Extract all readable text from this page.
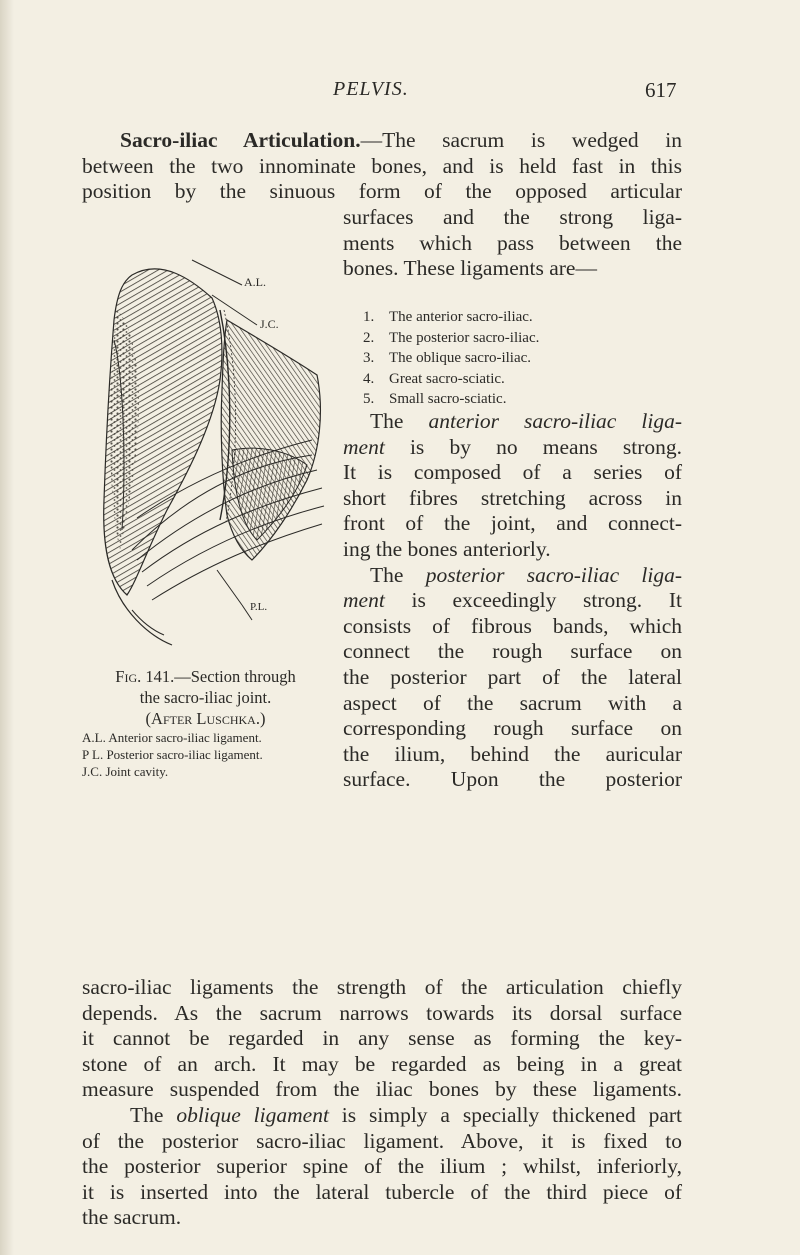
PELVIS.	617
Sacro-iliac Articulation.—The sacrum is wedged in
between the two innominate bones, and is held fast in this
position by the sinuous form of the opposed articular
surfaces and the strong liga-
ments which pass between the
bones. These ligaments are—
1. The anterior sacro-iliac.
2. The posterior sacro-iliac.
3. The oblique sacro-iliac.
4. Great sacro-sciatic.
5. Small sacro-sciatic.
The anterior sacro-iliac liga-
ment is by no means strong.
It is composed of a series of
short fibres stretching across in
front of the joint, and connect-
ing the bones anteriorly.
The posterior sacro-iliac liga-
ment is exceedingly strong. It
consists of fibrous bands, which
connect the rough surface on
the posterior part of the lateral
aspect of the sacrum with a
corresponding rough surface on
the ilium, behind the auricular
surface. Upon the posterior
sacro-iliac ligaments the strength of the articulation chiefly
depends. As the sacrum narrows towards its dorsal surface
it cannot be regarded in any sense as forming the key-
stone of an arch. It may be regarded as being in a great
measure suspended from the iliac bones by these ligaments.
The oblique ligament is simply a specially thickened part
of the posterior sacro-iliac ligament. Above, it is fixed to
the posterior superior spine of the ilium ; whilst, inferiorly,
it is inserted into the lateral tubercle of the third piece of
the sacrum.
A.L.
J.C.
P.L.
Fig. 141.—Section through
the sacro-iliac joint.
(After Luschka.)
A.L. Anterior sacro-iliac ligament.
P L. Posterior sacro-iliac ligament.
J.C. Joint cavity.
